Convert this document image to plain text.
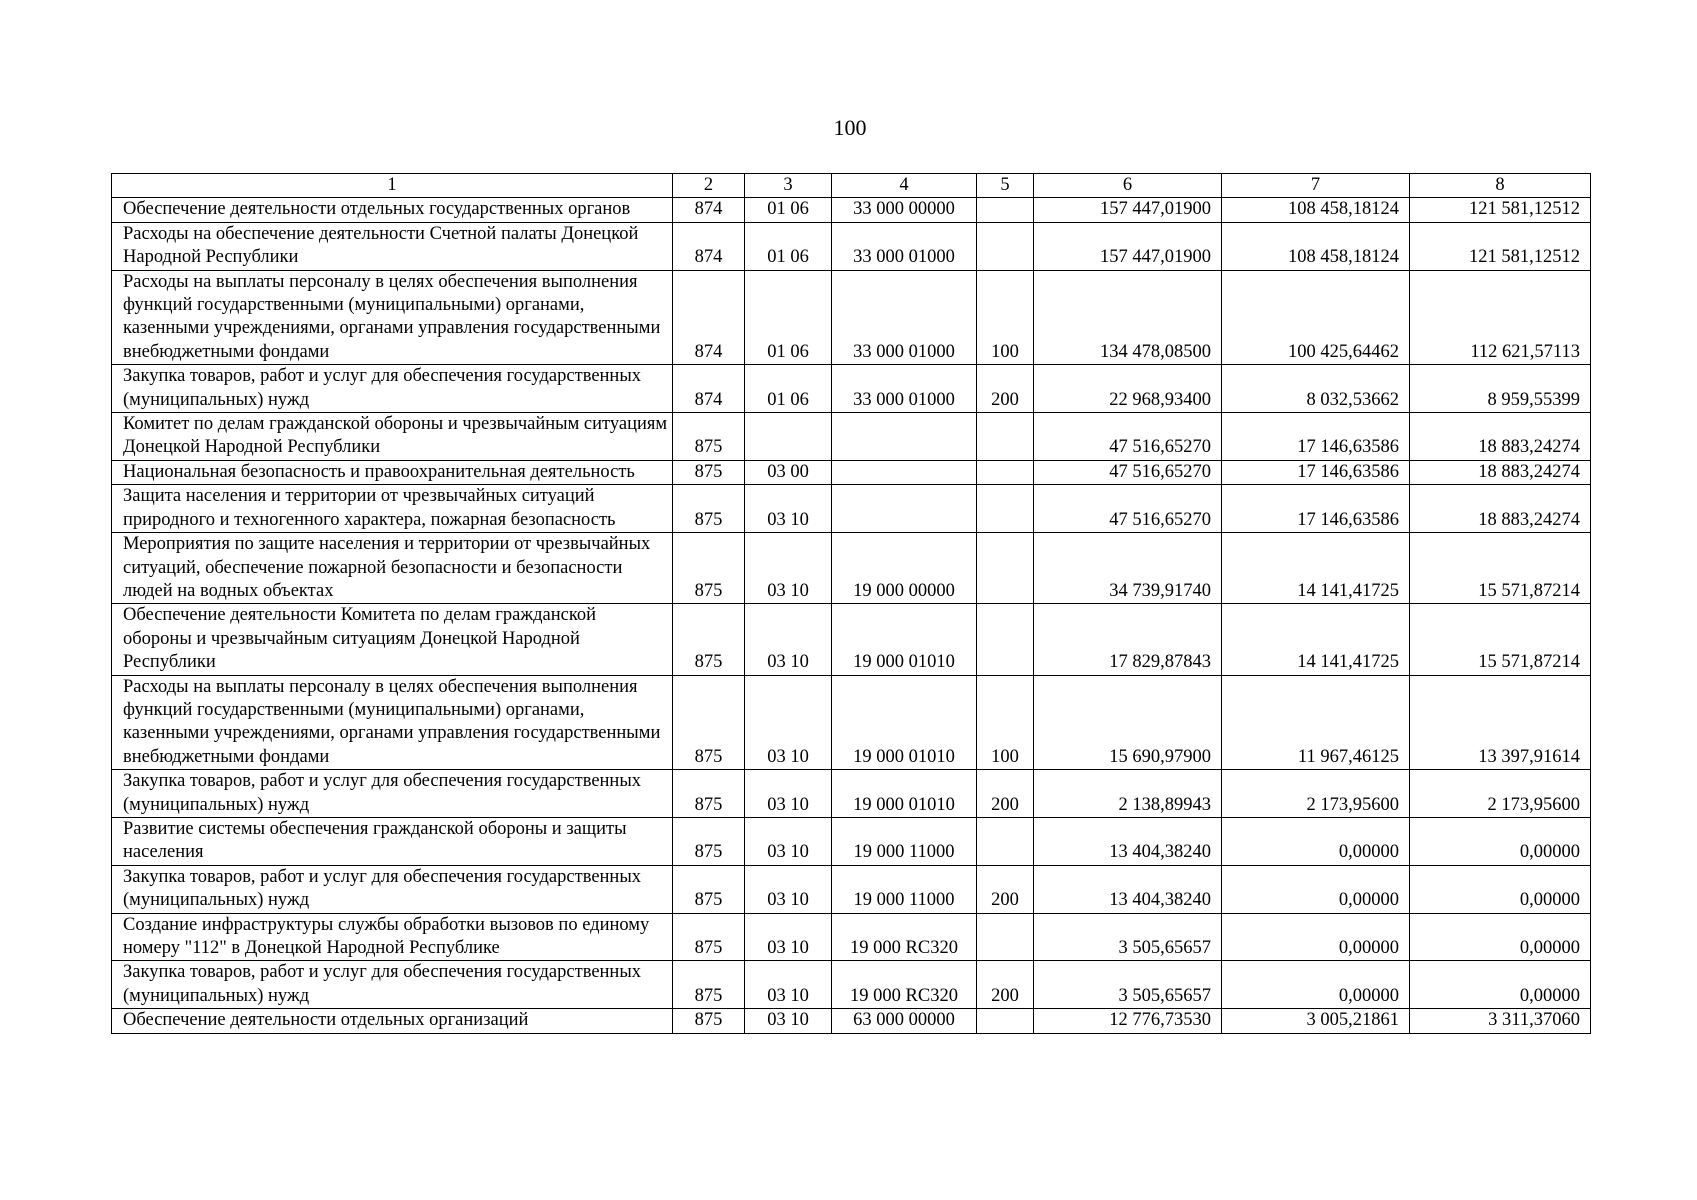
100
1	2	3	4	5	6	7	8
Обеспечение деятельности отдельных государственных органов	874	01 06	33 000 00000		157 447,01900	108 458,18124	121 581,12512
Расходы на обеспечение деятельности Счетной палаты Донецкой Народной Республики	874	01 06	33 000 01000		157 447,01900	108 458,18124	121 581,12512
Расходы на выплаты персоналу в целях обеспечения выполнения функций государственными (муниципальными) органами, казенными учреждениями, органами управления государственными внебюджетными фондами	874	01 06	33 000 01000	100	134 478,08500	100 425,64462	112 621,57113
Закупка товаров, работ и услуг для обеспечения государственных (муниципальных) нужд	874	01 06	33 000 01000	200	22 968,93400	8 032,53662	8 959,55399
Комитет по делам гражданской обороны и чрезвычайным ситуациям Донецкой Народной Республики	875				47 516,65270	17 146,63586	18 883,24274
Национальная безопасность и правоохранительная деятельность	875	03 00			47 516,65270	17 146,63586	18 883,24274
Защита населения и территории от чрезвычайных ситуаций природного и техногенного характера, пожарная безопасность	875	03 10			47 516,65270	17 146,63586	18 883,24274
Мероприятия по защите населения и территории от чрезвычайных ситуаций, обеспечение пожарной безопасности и безопасности людей на водных объектах	875	03 10	19 000 00000		34 739,91740	14 141,41725	15 571,87214
Обеспечение деятельности Комитета по делам гражданской обороны и чрезвычайным ситуациям Донецкой Народной Республики	875	03 10	19 000 01010		17 829,87843	14 141,41725	15 571,87214
Расходы на выплаты персоналу в целях обеспечения выполнения функций государственными (муниципальными) органами, казенными учреждениями, органами управления государственными внебюджетными фондами	875	03 10	19 000 01010	100	15 690,97900	11 967,46125	13 397,91614
Закупка товаров, работ и услуг для обеспечения государственных (муниципальных) нужд	875	03 10	19 000 01010	200	2 138,89943	2 173,95600	2 173,95600
Развитие системы обеспечения гражданской обороны и защиты населения	875	03 10	19 000 11000		13 404,38240	0,00000	0,00000
Закупка товаров, работ и услуг для обеспечения государственных (муниципальных) нужд	875	03 10	19 000 11000	200	13 404,38240	0,00000	0,00000
Создание инфраструктуры службы обработки вызовов по единому номеру "112" в Донецкой Народной Республике	875	03 10	19 000 RC320		3 505,65657	0,00000	0,00000
Закупка товаров, работ и услуг для обеспечения государственных (муниципальных) нужд	875	03 10	19 000 RC320	200	3 505,65657	0,00000	0,00000
Обеспечение деятельности отдельных организаций	875	03 10	63 000 00000		12 776,73530	3 005,21861	3 311,37060
